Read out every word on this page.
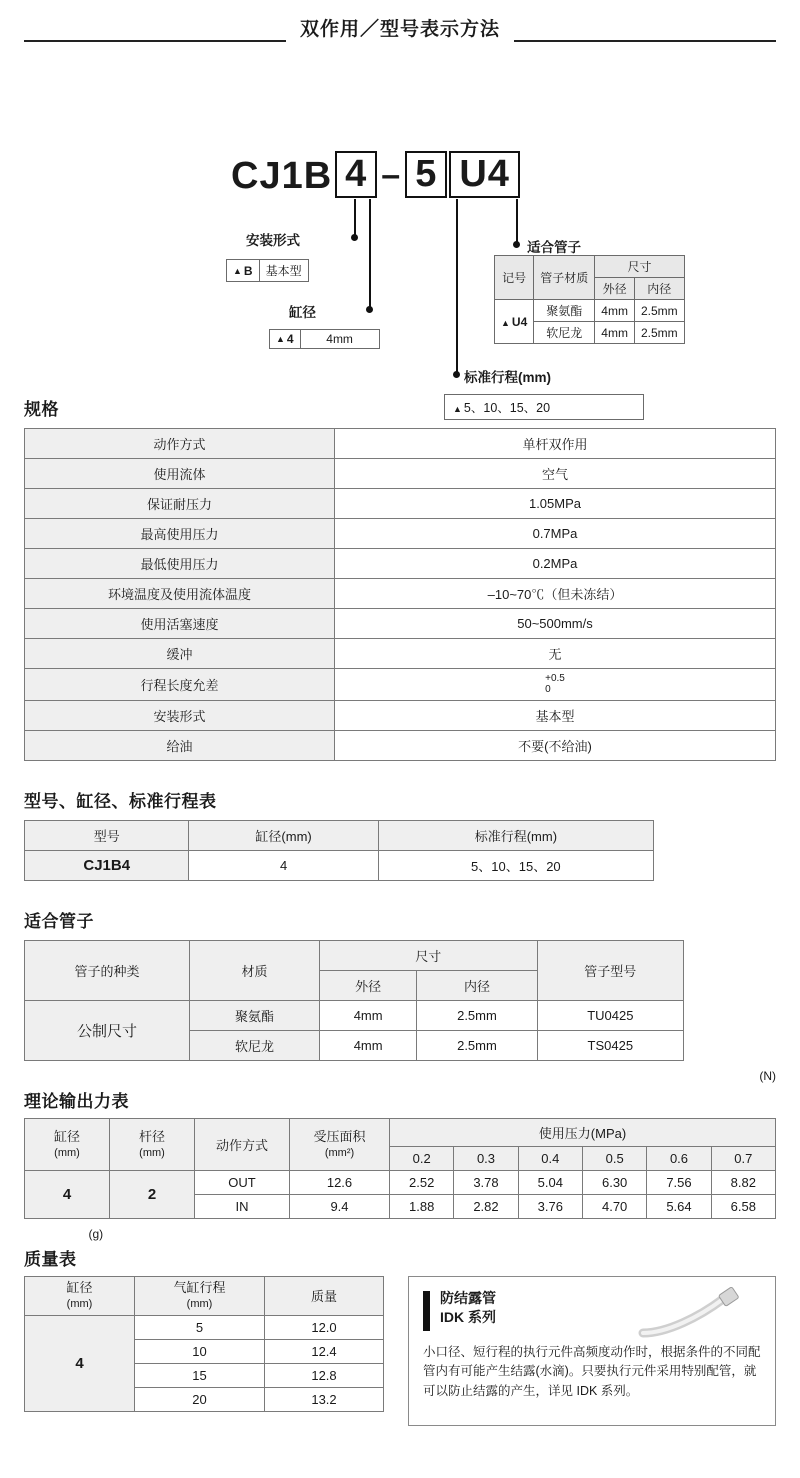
双作用／型号表示方法
CJ1B 4 – 5 U4
安装形式
▲ B	基本型
缸径
▲ 4	4mm
标准行程(mm)
▲ 5、10、15、20
适合管子
记号	管子材质	尺寸	
		外径	内径
▲ U4	聚氨酯	4mm	2.5mm
	软尼龙	4mm	2.5mm
规格
动作方式	单杆双作用
使用流体	空气
保证耐压力	1.05MPa
最高使用压力	0.7MPa
最低使用压力	0.2MPa
环境温度及使用流体温度	–10~70℃（但未冻结）
使用活塞速度	50~500mm/s
缓冲	无
行程长度允差	+0.5
0

安装形式	基本型
给油	不要(不给油)
型号、缸径、标准行程表
型号	缸径(mm)	标准行程(mm)
CJ1B4	4	5、10、15、20
适合管子
管子的种类	材质	尺寸		管子型号
		外径	内径	
公制尺寸	聚氨酯	4mm	2.5mm	TU0425
	软尼龙	4mm	2.5mm	TS0425
理论输出力表
(N)
缸径
(mm)	杆径
(mm)	动作方式	受压面积
(mm²)	使用压力(MPa)					
				0.2	0.3	0.4	0.5	0.6	0.7
4	2	OUT	12.6	2.52	3.78	5.04	6.30	7.56	8.82
		IN	9.4	1.88	2.82	3.76	4.70	5.64	6.58
质量表
(g)
缸径
(mm)	气缸行程
(mm)	质量
4	5	12.0
	10	12.4
	15	12.8
	20	13.2
防结露管
IDK 系列
小口径、短行程的执行元件高频度动作时，根据条件的不同配管内有可能产生结露(水滴)。只要执行元件采用特别配管，就可以防止结露的产生，详见 IDK 系列。
